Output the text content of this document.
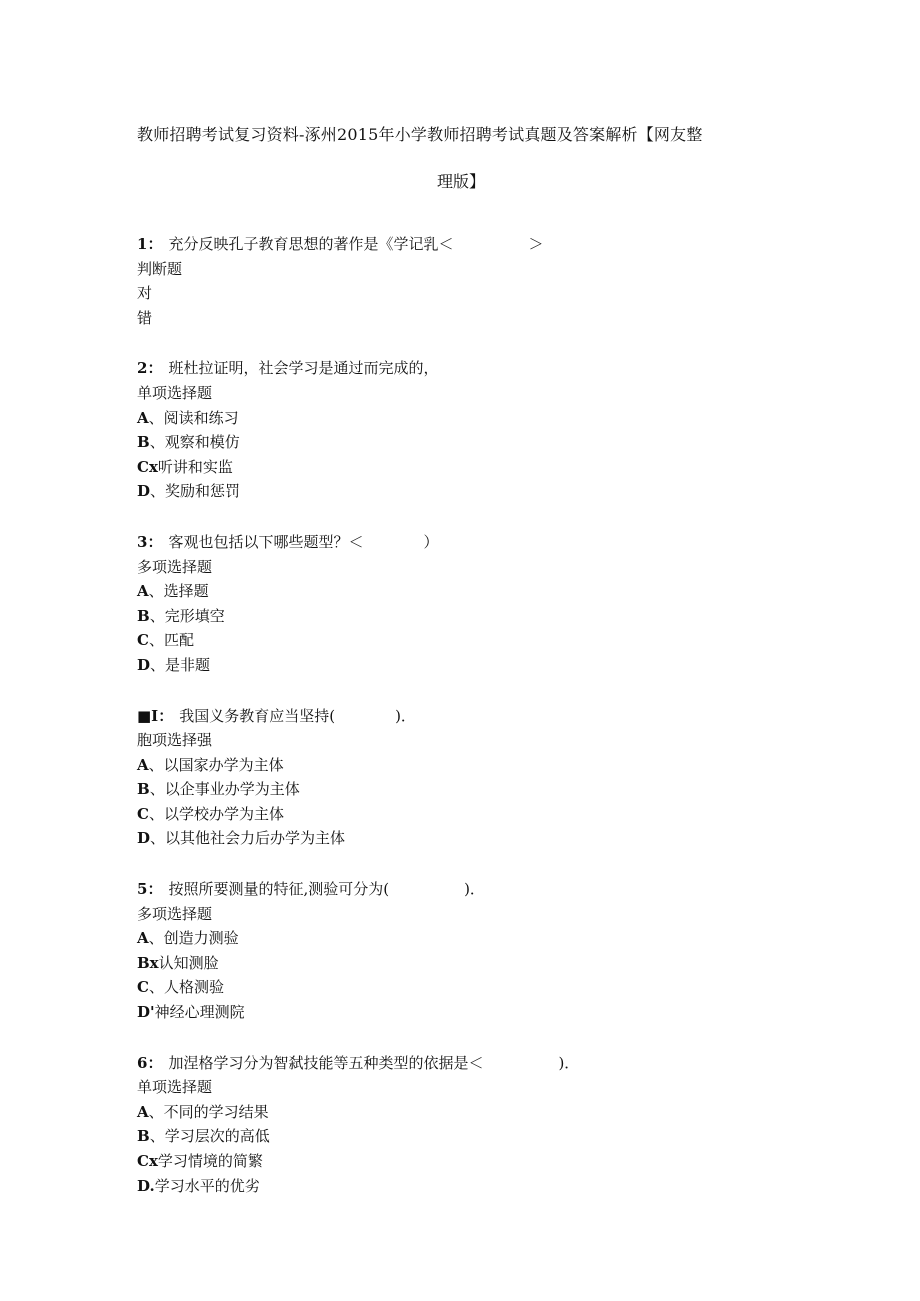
教师招聘考试复习资料-涿州2015年小学教师招聘考试真题及答案解析【网友整
理版】
1： 充分反映孔子教育思想的著作是《学记乳＜　　　　　＞
判断题
对
错
2： 班杜拉证明，社会学习是通过而完成的，
单项选择题
A、阅读和练习
B、观察和模仿
Cx听讲和实监
D、奖励和惩罚
3： 客观也包括以下哪些题型？＜　　　　）
多项选择题
A、选择题
B、完形填空
C、匹配
D、是非题
■I： 我国义务教育应当坚持(　　　　)．
胞项选择强
A、以国家办学为主体
B、以企事业办学为主体
C、以学校办学为主体
D、以其他社会力后办学为主体
5： 按照所要测量的特征,测验可分为(　　　　　)．
多项选择题
A、创造力测验
Bx认知测脸
C、人格测验
D'神经心理测院
6： 加涅格学习分为智弑技能等五种类型的依据是＜　　　　　)．
单项选择题
A、不同的学习结果
B、学习层次的高低
Cx学习情境的简繁
D.学习水平的优劣
